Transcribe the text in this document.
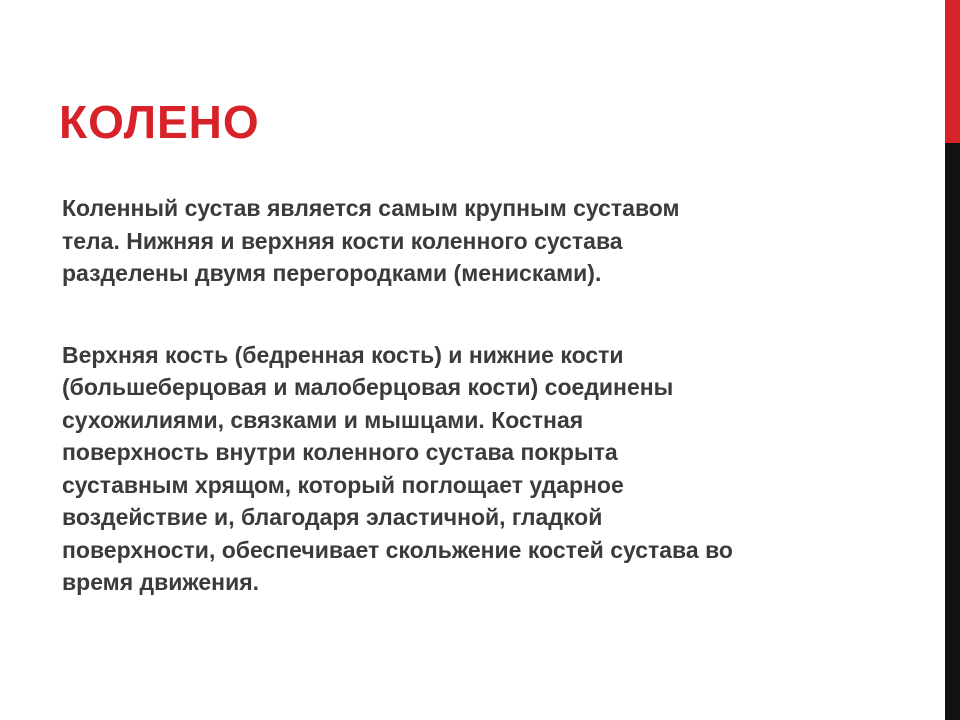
КОЛЕНО

Коленный сустав является самым крупным суставом
тела. Нижняя и верхняя кости коленного сустава
разделены двумя перегородками (менисками).

Верхняя кость (бедренная кость) и нижние кости
(большеберцовая и малоберцовая кости) соединены
сухожилиями, связками и мышцами. Костная
поверхность внутри коленного сустава покрыта
суставным хрящом, который поглощает ударное
воздействие и, благодаря эластичной, гладкой
поверхности, обеспечивает скольжение костей сустава во
время движения.
